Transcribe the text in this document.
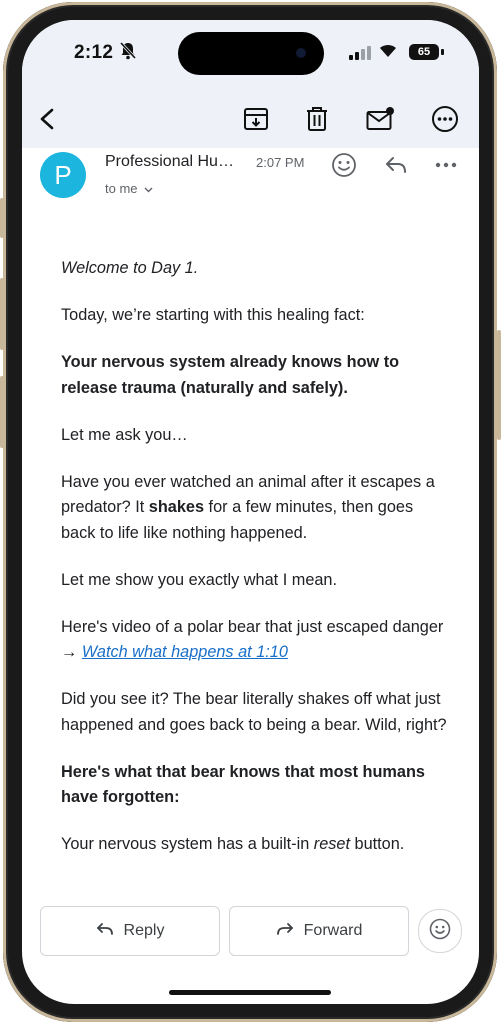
2:12	65
P	Professional Hu… 2:07 PM
to me

Welcome to Day 1.

Today, we’re starting with this healing fact:

Your nervous system already knows how to release trauma (naturally and safely).

Let me ask you…

Have you ever watched an animal after it escapes a predator? It shakes for a few minutes, then goes back to life like nothing happened.

Let me show you exactly what I mean.

Here's video of a polar bear that just escaped danger → Watch what happens at 1:10

Did you see it? The bear literally shakes off what just happened and goes back to being a bear. Wild, right?

Here's what that bear knows that most humans have forgotten:

Your nervous system has a built-in reset button.

Reply	Forward
